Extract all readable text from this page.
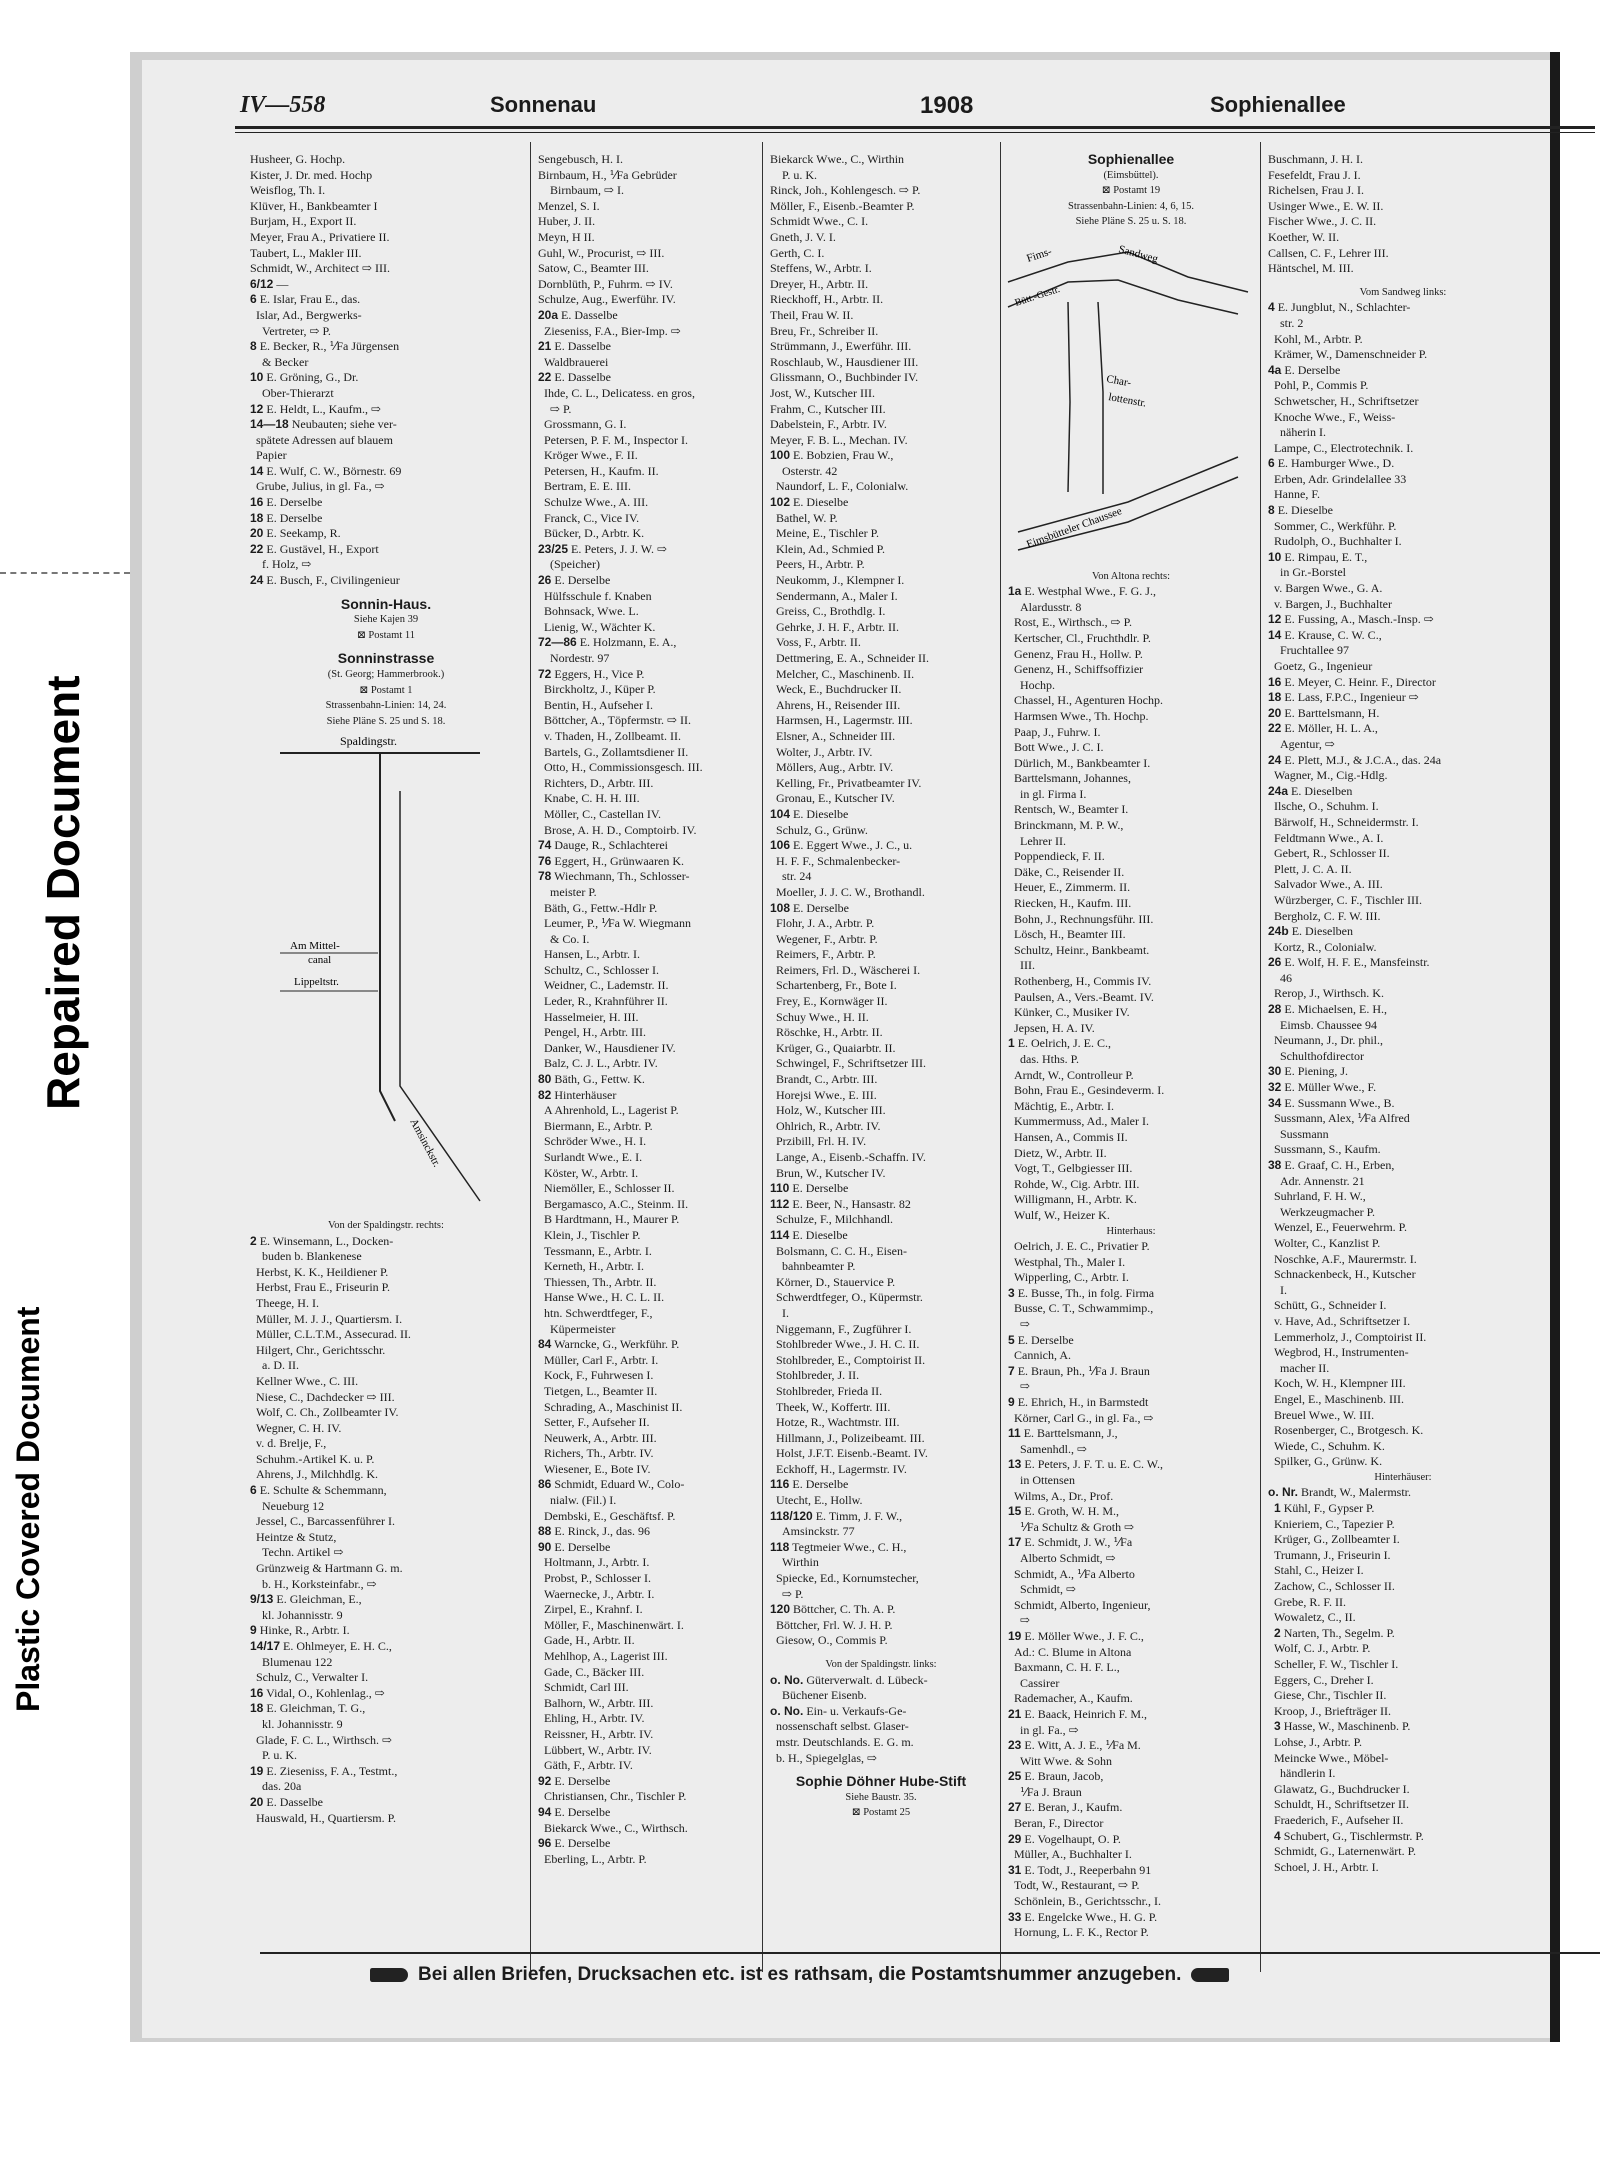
Plastic Covered Document
Repaired Document
IV—558	Sonnenau	1908	Sophienallee
Husheer, G. Hochp.
Kister, J. Dr. med. Hochp
Weisflog, Th. I.
Klüver, H., Bankbeamter I
Burjam, H., Export II.
Meyer, Frau A., Privatiere II.
Taubert, L., Makler III.
Schmidt, W., Architect ⇨ III.
6/12 —
6 E. Islar, Frau E., das.
Islar, Ad., Bergwerks-
Vertreter, ⇨ P.
8 E. Becker, R., ⅟Fa Jürgensen
& Becker
10 E. Gröning, G., Dr.
Ober-Thierarzt
12 E. Heldt, L., Kaufm., ⇨
14—18 Neubauten; siehe ver-
spätete Adressen auf blauem
Papier
14 E. Wulf, C. W., Börnestr. 69
Grube, Julius, in gl. Fa., ⇨
16 E. Derselbe
18 E. Derselbe
20 E. Seekamp, R.
22 E. Gustävel, H., Export
f. Holz, ⇨
24 E. Busch, F., Civilingenieur
Sonnin-Haus.
Siehe Kajen 39
⊠ Postamt 11
Sonninstrasse
(St. Georg; Hammerbrook.)
⊠ Postamt 1
Strassenbahn-Linien: 14, 24.
Siehe Pläne S. 25 und S. 18.
Spaldingstr.
Am Mittel-
canal
Lippeltstr.
Amsinckstr.
Von der Spaldingstr. rechts:
2 E. Winsemann, L., Docken-
buden b. Blankenese
Herbst, K. K., Heildiener P.
Herbst, Frau E., Friseurin P.
Theege, H. I.
Müller, M. J. J., Quartiersm. I.
Müller, C.L.T.M., Assecurad. II.
Hilgert, Chr., Gerichtsschr.
a. D. II.
Kellner Wwe., C. III.
Niese, C., Dachdecker ⇨ III.
Wolf, C. Ch., Zollbeamter IV.
Wegner, C. H. IV.
v. d. Brelje, F.,
Schuhm.-Artikel K. u. P.
Ahrens, J., Milchhdlg. K.
6 E. Schulte & Schemmann,
Neueburg 12
Jessel, C., Barcassenführer I.
Heintze & Stutz,
Techn. Artikel ⇨
Grünzweig & Hartmann G. m.
b. H., Korksteinfabr., ⇨
9/13 E. Gleichman, E.,
kl. Johannisstr. 9
9 Hinke, R., Arbtr. I.
14/17 E. Ohlmeyer, E. H. C.,
Blumenau 122
Schulz, C., Verwalter I.
16 Vidal, O., Kohlenlag., ⇨
18 E. Gleichman, T. G.,
kl. Johannisstr. 9
Glade, F. C. L., Wirthsch. ⇨
P. u. K.
19 E. Zieseniss, F. A., Testmt.,
das. 20a
20 E. Dasselbe
Hauswald, H., Quartiersm. P.
Sengebusch, H. I.
Birnbaum, H., ⅟Fa Gebrüder
Birnbaum, ⇨ I.
Menzel, S. I.
Huber, J. II.
Meyn, H II.
Guhl, W., Procurist, ⇨ III.
Satow, C., Beamter III.
Dornblüth, P., Fuhrm. ⇨ IV.
Schulze, Aug., Ewerführ. IV.
20a E. Dasselbe
Zieseniss, F.A., Bier-Imp. ⇨
21 E. Dasselbe
Waldbrauerei
22 E. Dasselbe
Ihde, C. L., Delicatess. en gros,
⇨ P.
Grossmann, G. I.
Petersen, P. F. M., Inspector I.
Kröger Wwe., F. II.
Petersen, H., Kaufm. II.
Bertram, E. E. III.
Schulze Wwe., A. III.
Franck, C., Vice IV.
Bücker, D., Arbtr. K.
23/25 E. Peters, J. J. W. ⇨
(Speicher)
26 E. Derselbe
Hülfsschule f. Knaben
Bohnsack, Wwe. L.
Lienig, W., Wächter K.
72—86 E. Holzmann, E. A.,
Nordestr. 97
72 Eggers, H., Vice P.
Birckholtz, J., Küper P.
Bentin, H., Aufseher I.
Böttcher, A., Töpfermstr. ⇨ II.
v. Thaden, H., Zollbeamt. II.
Bartels, G., Zollamtsdiener II.
Otto, H., Commissionsgesch. III.
Richters, D., Arbtr. III.
Knabe, C. H. H. III.
Möller, C., Castellan IV.
Brose, A. H. D., Comptoirb. IV.
74 Dauge, R., Schlachterei
76 Eggert, H., Grünwaaren K.
78 Wiechmann, Th., Schlosser-
meister P.
Bäth, G., Fettw.-Hdlr P.
Leumer, P., ⅟Fa W. Wiegmann
& Co. I.
Hansen, L., Arbtr. I.
Schultz, C., Schlosser I.
Weidner, C., Lademstr. II.
Leder, R., Krahnführer II.
Hasselmeier, H. III.
Pengel, H., Arbtr. III.
Danker, W., Hausdiener IV.
Balz, C. J. L., Arbtr. IV.
80 Bäth, G., Fettw. K.
82 Hinterhäuser
A Ahrenhold, L., Lagerist P.
Biermann, E., Arbtr. P.
Schröder Wwe., H. I.
Surlandt Wwe., E. I.
Köster, W., Arbtr. I.
Niemöller, E., Schlosser II.
Bergamasco, A.C., Steinm. II.
B Hardtmann, H., Maurer P.
Klein, J., Tischler P.
Tessmann, E., Arbtr. I.
Kerneth, H., Arbtr. I.
Thiessen, Th., Arbtr. II.
Hanse Wwe., H. C. L. II.
htn. Schwerdtfeger, F.,
Küpermeister
84 Warncke, G., Werkführ. P.
Müller, Carl F., Arbtr. I.
Kock, F., Fuhrwesen I.
Tietgen, L., Beamter II.
Schrading, A., Maschinist II.
Setter, F., Aufseher II.
Neuwerk, A., Arbtr. III.
Richers, Th., Arbtr. IV.
Wiesener, E., Bote IV.
86 Schmidt, Eduard W., Colo-
nialw. (Fil.) I.
Dembski, E., Geschäftsf. P.
88 E. Rinck, J., das. 96
90 E. Derselbe
Holtmann, J., Arbtr. I.
Probst, P., Schlosser I.
Waernecke, J., Arbtr. I.
Zirpel, E., Krahnf. I.
Möller, F., Maschinenwärt. I.
Gade, H., Arbtr. II.
Mehlhop, A., Lagerist III.
Gade, C., Bäcker III.
Schmidt, Carl III.
Balhorn, W., Arbtr. III.
Ehling, H., Arbtr. IV.
Reissner, H., Arbtr. IV.
Lübbert, W., Arbtr. IV.
Gäth, F., Arbtr. IV.
92 E. Derselbe
Christiansen, Chr., Tischler P.
94 E. Derselbe
Biekarck Wwe., C., Wirthsch.
96 E. Derselbe
Eberling, L., Arbtr. P.
Biekarck Wwe., C., Wirthin
P. u. K.
Rinck, Joh., Kohlengesch. ⇨ P.
Möller, F., Eisenb.-Beamter P.
Schmidt Wwe., C. I.
Gneth, J. V. I.
Gerth, C. I.
Steffens, W., Arbtr. I.
Dreyer, H., Arbtr. II.
Rieckhoff, H., Arbtr. II.
Theil, Frau W. II.
Breu, Fr., Schreiber II.
Strümmann, J., Ewerführ. III.
Roschlaub, W., Hausdiener III.
Glissmann, O., Buchbinder IV.
Jost, W., Kutscher III.
Frahm, C., Kutscher III.
Dabelstein, F., Arbtr. IV.
Meyer, F. B. L., Mechan. IV.
100 E. Bobzien, Frau W.,
Osterstr. 42
Naundorf, L. F., Colonialw.
102 E. Dieselbe
Bathel, W. P.
Meine, E., Tischler P.
Klein, Ad., Schmied P.
Peers, H., Arbtr. P.
Neukomm, J., Klempner I.
Sendermann, A., Maler I.
Greiss, C., Brothdlg. I.
Gehrke, J. H. F., Arbtr. II.
Voss, F., Arbtr. II.
Dettmering, E. A., Schneider II.
Melcher, C., Maschinenb. II.
Weck, E., Buchdrucker II.
Ahrens, H., Reisender III.
Harmsen, H., Lagermstr. III.
Elsner, A., Schneider III.
Wolter, J., Arbtr. IV.
Möllers, Aug., Arbtr. IV.
Kelling, Fr., Privatbeamter IV.
Gronau, E., Kutscher IV.
104 E. Dieselbe
Schulz, G., Grünw.
106 E. Eggert Wwe., J. C., u.
H. F. F., Schmalenbecker-
str. 24
Moeller, J. J. C. W., Brothandl.
108 E. Derselbe
Flohr, J. A., Arbtr. P.
Wegener, F., Arbtr. P.
Reimers, F., Arbtr. P.
Reimers, Frl. D., Wäscherei I.
Schartenberg, Fr., Bote I.
Frey, E., Kornwäger II.
Schuy Wwe., H. II.
Röschke, H., Arbtr. II.
Krüger, G., Quaiarbtr. II.
Schwingel, F., Schriftsetzer III.
Brandt, C., Arbtr. III.
Horejsi Wwe., E. III.
Holz, W., Kutscher III.
Ohlrich, R., Arbtr. IV.
Przibill, Frl. H. IV.
Lange, A., Eisenb.-Schaffn. IV.
Brun, W., Kutscher IV.
110 E. Derselbe
112 E. Beer, N., Hansastr. 82
Schulze, F., Milchhandl.
114 E. Dieselbe
Bolsmann, C. C. H., Eisen-
bahnbeamter P.
Körner, D., Stauervice P.
Schwerdtfeger, O., Küpermstr.
I.
Niggemann, F., Zugführer I.
Stohlbreder Wwe., J. H. C. II.
Stohlbreder, E., Comptoirist II.
Stohlbreder, J. II.
Stohlbreder, Frieda II.
Theek, W., Koffertr. III.
Hotze, R., Wachtmstr. III.
Hillmann, J., Polizeibeamt. III.
Holst, J.F.T. Eisenb.-Beamt. IV.
Eckhoff, H., Lagermstr. IV.
116 E. Derselbe
Utecht, E., Hollw.
118/120 E. Timm, J. F. W.,
Amsinckstr. 77
118 Tegtmeier Wwe., C. H.,
Wirthin
Spiecke, Ed., Kornumstecher,
⇨ P.
120 Böttcher, C. Th. A. P.
Böttcher, Frl. W. J. H. P.
Giesow, O., Commis P.
Von der Spaldingstr. links:
o. No. Güterverwalt. d. Lübeck-
Büchener Eisenb.
o. No. Ein- u. Verkaufs-Ge-
nossenschaft selbst. Glaser-
mstr. Deutschlands. E. G. m.
b. H., Spiegelglas, ⇨
Sophie Döhner Hube-Stift
Siehe Baustr. 35.
⊠ Postamt 25
Sophienallee
(Eimsbüttel).
⊠ Postamt 19
Strassenbahn-Linien: 4, 6, 15.
Siehe Pläne S. 25 u. S. 18.
Fims-	Sandweg
Bütt.-Gestr.
Char-
lottenstr.
Eimsbütteler Chaussee
Von Altona rechts:
1a E. Westphal Wwe., F. G. J.,
Alardusstr. 8
Rost, E., Wirthsch., ⇨ P.
Kertscher, Cl., Fruchthdlr. P.
Genenz, Frau H., Hollw. P.
Genenz, H., Schiffsoffizier
Hochp.
Chassel, H., Agenturen Hochp.
Harmsen Wwe., Th. Hochp.
Paap, J., Fuhrw. I.
Bott Wwe., J. C. I.
Dürlich, M., Bankbeamter I.
Barttelsmann, Johannes,
in gl. Firma I.
Rentsch, W., Beamter I.
Brinckmann, M. P. W.,
Lehrer II.
Poppendieck, F. II.
Däke, C., Reisender II.
Heuer, E., Zimmerm. II.
Riecken, H., Kaufm. III.
Bohn, J., Rechnungsführ. III.
Lösch, H., Beamter III.
Schultz, Heinr., Bankbeamt.
III.
Rothenberg, H., Commis IV.
Paulsen, A., Vers.-Beamt. IV.
Künker, C., Musiker IV.
Jepsen, H. A. IV.
1 E. Oelrich, J. E. C.,
das. Hths. P.
Arndt, W., Controlleur P.
Bohn, Frau E., Gesindeverm. I.
Mächtig, E., Arbtr. I.
Kummermuss, Ad., Maler I.
Hansen, A., Commis II.
Dietz, W., Arbtr. II.
Vogt, T., Gelbgiesser III.
Rohde, W., Cig. Arbtr. III.
Willigmann, H., Arbtr. K.
Wulf, W., Heizer K.
Hinterhaus:
Oelrich, J. E. C., Privatier P.
Westphal, Th., Maler I.
Wipperling, C., Arbtr. I.
3 E. Busse, Th., in folg. Firma
Busse, C. T., Schwammimp.,
⇨
5 E. Derselbe
Cannich, A.
7 E. Braun, Ph., ⅟Fa J. Braun
⇨
9 E. Ehrich, H., in Barmstedt
Körner, Carl G., in gl. Fa., ⇨
11 E. Barttelsmann, J.,
Samenhdl., ⇨
13 E. Peters, J. F. T. u. E. C. W.,
in Ottensen
Wilms, A., Dr., Prof.
15 E. Groth, W. H. M.,
⅟Fa Schultz & Groth ⇨
17 E. Schmidt, J. W., ⅟Fa
Alberto Schmidt, ⇨
Schmidt, A., ⅟Fa Alberto
Schmidt, ⇨
Schmidt, Alberto, Ingenieur,
⇨
19 E. Möller Wwe., J. F. C.,
Ad.: C. Blume in Altona
Baxmann, C. H. F. L.,
Cassirer
Rademacher, A., Kaufm.
21 E. Baack, Heinrich F. M.,
in gl. Fa., ⇨
23 E. Witt, A. J. E., ⅟Fa M.
Witt Wwe. & Sohn
25 E. Braun, Jacob,
⅟Fa J. Braun
27 E. Beran, J., Kaufm.
Beran, F., Director
29 E. Vogelhaupt, O. P.
Müller, A., Buchhalter I.
31 E. Todt, J., Reeperbahn 91
Todt, W., Restaurant, ⇨ P.
Schönlein, B., Gerichtsschr., I.
33 E. Engelcke Wwe., H. G. P.
Hornung, L. F. K., Rector P.
Buschmann, J. H. I.
Fesefeldt, Frau J. I.
Richelsen, Frau J. I.
Usinger Wwe., E. W. II.
Fischer Wwe., J. C. II.
Koether, W. II.
Callsen, C. F., Lehrer III.
Häntschel, M. III.
Vom Sandweg links:
4 E. Jungblut, N., Schlachter-
str. 2
Kohl, M., Arbtr. P.
Krämer, W., Damenschneider P.
4a E. Derselbe
Pohl, P., Commis P.
Schwetscher, H., Schriftsetzer
Knoche Wwe., F., Weiss-
näherin I.
Lampe, C., Electrotechnik. I.
6 E. Hamburger Wwe., D.
Erben, Adr. Grindelallee 33
Hanne, F.
8 E. Dieselbe
Sommer, C., Werkführ. P.
Rudolph, O., Buchhalter I.
10 E. Rimpau, E. T.,
in Gr.-Borstel
v. Bargen Wwe., G. A.
v. Bargen, J., Buchhalter
12 E. Fussing, A., Masch.-Insp. ⇨
14 E. Krause, C. W. C.,
Fruchtallee 97
Goetz, G., Ingenieur
16 E. Meyer, C. Heinr. F., Director
18 E. Lass, F.P.C., Ingenieur ⇨
20 E. Barttelsmann, H.
22 E. Möller, H. L. A.,
Agentur, ⇨
24 E. Plett, M.J., & J.C.A., das. 24a
Wagner, M., Cig.-Hdlg.
24a E. Dieselben
Ilsche, O., Schuhm. I.
Bärwolf, H., Schneidermstr. I.
Feldtmann Wwe., A. I.
Gebert, R., Schlosser II.
Plett, J. C. A. II.
Salvador Wwe., A. III.
Würzberger, C. F., Tischler III.
Bergholz, C. F. W. III.
24b E. Dieselben
Kortz, R., Colonialw.
26 E. Wolf, H. F. E., Mansfeinstr.
46
Rerop, J., Wirthsch. K.
28 E. Michaelsen, E. H.,
Eimsb. Chaussee 94
Neumann, J., Dr. phil.,
Schulthofdirector
30 E. Piening, J.
32 E. Müller Wwe., F.
34 E. Sussmann Wwe., B.
Sussmann, Alex, ⅟Fa Alfred
Sussmann
Sussmann, S., Kaufm.
38 E. Graaf, C. H., Erben,
Adr. Annenstr. 21
Suhrland, F. H. W.,
Werkzeugmacher P.
Wenzel, E., Feuerwehrm. P.
Wolter, C., Kanzlist P.
Noschke, A.F., Maurermstr. I.
Schnackenbeck, H., Kutscher
I.
Schütt, G., Schneider I.
v. Have, Ad., Schriftsetzer I.
Lemmerholz, J., Comptoirist II.
Wegbrod, H., Instrumenten-
macher II.
Koch, W. H., Klempner III.
Engel, E., Maschinenb. III.
Breuel Wwe., W. III.
Rosenberger, C., Brotgesch. K.
Wiede, C., Schuhm. K.
Spilker, G., Grünw. K.
Hinterhäuser:
o. Nr. Brandt, W., Malermstr.
1 Kühl, F., Gypser P.
Knieriem, C., Tapezier P.
Krüger, G., Zollbeamter I.
Trumann, J., Friseurin I.
Stahl, C., Heizer I.
Zachow, C., Schlosser II.
Grebe, R. F. II.
Wowaletz, C., II.
2 Narten, Th., Segelm. P.
Wolf, C. J., Arbtr. P.
Scheller, F. W., Tischler I.
Eggers, C., Dreher I.
Giese, Chr., Tischler II.
Kroop, J., Briefträger II.
3 Hasse, W., Maschinenb. P.
Lohse, J., Arbtr. P.
Meincke Wwe., Möbel-
händlerin I.
Glawatz, G., Buchdrucker I.
Schuldt, H., Schriftsetzer II.
Fraederich, F., Aufseher II.
4 Schubert, G., Tischlermstr. P.
Schmidt, G., Laternenwärt. P.
Schoel, J. H., Arbtr. I.
Bei allen Briefen, Drucksachen etc. ist es rathsam, die Postamtsnummer anzugeben.
